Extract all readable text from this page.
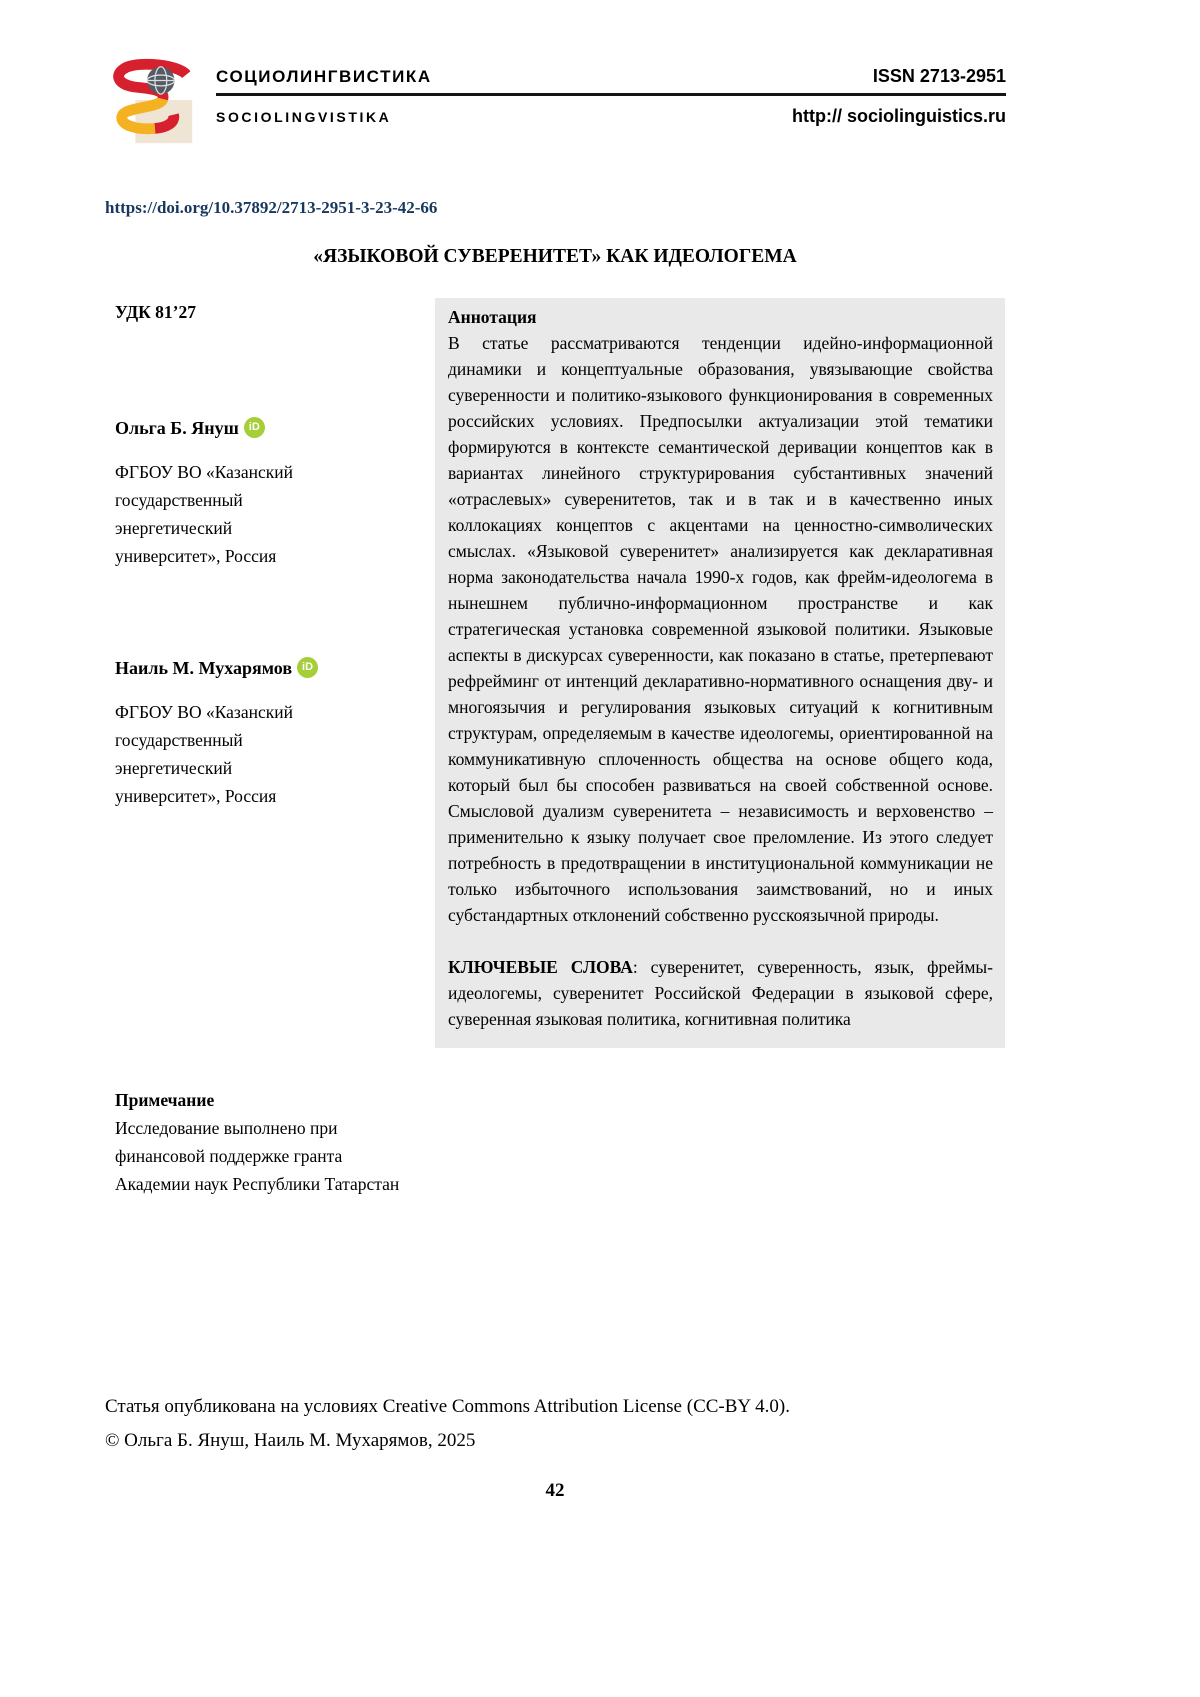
СОЦИОЛИНГВИСТИКА	ISSN 2713-2951
SOCIOLINGVISTIKA	http:// sociolinguistics.ru
https://doi.org/10.37892/2713-2951-3-23-42-66
«ЯЗЫКОВОЙ СУВЕРЕНИТЕТ» КАК ИДЕОЛОГЕМА
УДК 81’27
Ольга Б. Януш iD
ФГБОУ ВО «Казанский государственный энергетический университет», Россия
Наиль М. Мухарямов iD
ФГБОУ ВО «Казанский государственный энергетический университет», Россия
Примечание
Исследование выполнено при финансовой поддержке гранта Академии наук Республики Татарстан
Аннотация

В статье рассматриваются тенденции идейно-информационной динамики и концептуальные образования, увязывающие свойства суверенности и политико-языкового функционирования в современных российских условиях. Предпосылки актуализации этой тематики формируются в контексте семантической деривации концептов как в вариантах линейного структурирования субстантивных значений «отраслевых» суверенитетов, так и в так и в качественно иных коллокациях концептов с акцентами на ценностно-символических смыслах. «Языковой суверенитет» анализируется как декларативная норма законодательства начала 1990-х годов, как фрейм-идеологема в нынешнем публично-информационном пространстве и как стратегическая установка современной языковой политики. Языковые аспекты в дискурсах суверенности, как показано в статье, претерпевают рефрейминг от интенций декларативно-нормативного оснащения дву- и многоязычия и регулирования языковых ситуаций к когнитивным структурам, определяемым в качестве идеологемы, ориентированной на коммуникативную сплоченность общества на основе общего кода, который был бы способен развиваться на своей собственной основе. Смысловой дуализм суверенитета – независимость и верховенство – применительно к языку получает свое преломление. Из этого следует потребность в предотвращении в институциональной коммуникации не только избыточного использования заимствований, но и иных субстандартных отклонений собственно русскоязычной природы.

КЛЮЧЕВЫЕ СЛОВА: суверенитет, суверенность, язык, фреймы-идеологемы, суверенитет Российской Федерации в языковой сфере, суверенная языковая политика, когнитивная политика

Статья опубликована на условиях Creative Commons Attribution License (CC-BY 4.0).
© Ольга Б. Януш, Наиль М. Мухарямов, 2025
42
